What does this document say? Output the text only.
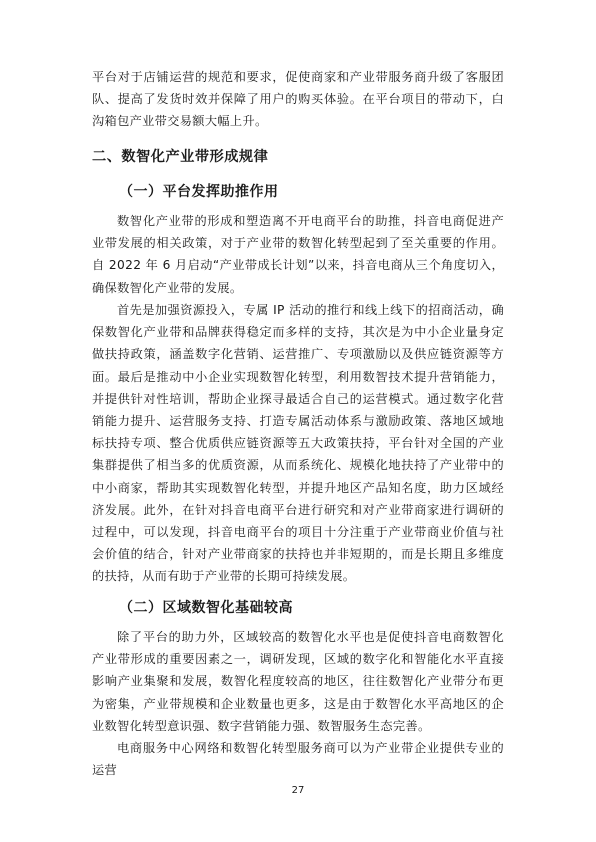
平台对于店铺运营的规范和要求，促使商家和产业带服务商升级了客服团队、提高了发货时效并保障了用户的购买体验。在平台项目的带动下，白沟箱包产业带交易额大幅上升。

二、数智化产业带形成规律
（一）平台发挥助推作用

数智化产业带的形成和塑造离不开电商平台的助推，抖音电商促进产业带发展的相关政策，对于产业带的数智化转型起到了至关重要的作用。自 2022 年 6 月启动“产业带成长计划”以来，抖音电商从三个角度切入，确保数智化产业带的发展。

首先是加强资源投入，专属 IP 活动的推行和线上线下的招商活动，确保数智化产业带和品牌获得稳定而多样的支持，其次是为中小企业量身定做扶持政策，涵盖数字化营销、运营推广、专项激励以及供应链资源等方面。最后是推动中小企业实现数智化转型，利用数智技术提升营销能力，并提供针对性培训，帮助企业探寻最适合自己的运营模式。通过数字化营销能力提升、运营服务支持、打造专属活动体系与激励政策、落地区域地标扶持专项、整合优质供应链资源等五大政策扶持，平台针对全国的产业集群提供了相当多的优质资源，从而系统化、规模化地扶持了产业带中的中小商家，帮助其实现数智化转型，并提升地区产品知名度，助力区域经济发展。此外，在针对抖音电商平台进行研究和对产业带商家进行调研的过程中，可以发现，抖音电商平台的项目十分注重于产业带商业价值与社会价值的结合，针对产业带商家的扶持也并非短期的，而是长期且多维度的扶持，从而有助于产业带的长期可持续发展。

（二）区域数智化基础较高

除了平台的助力外，区域较高的数智化水平也是促使抖音电商数智化产业带形成的重要因素之一，调研发现，区域的数字化和智能化水平直接影响产业集聚和发展，数智化程度较高的地区，往往数智化产业带分布更为密集，产业带规模和企业数量也更多，这是由于数智化水平高地区的企业数智化转型意识强、数字营销能力强、数智服务生态完善。

电商服务中心网络和数智化转型服务商可以为产业带企业提供专业的运营

27
